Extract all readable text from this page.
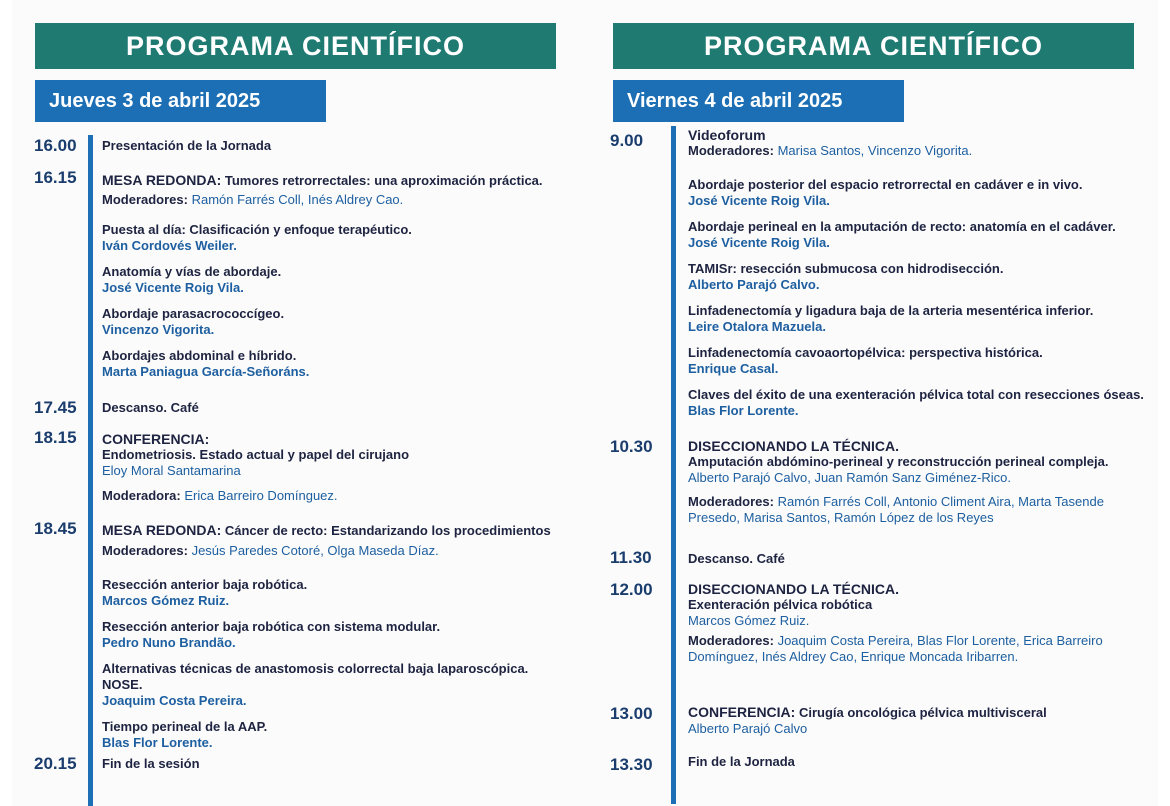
PROGRAMA CIENTÍFICO
Jueves 3 de abril 2025
16.00 Presentación de la Jornada
16.15 MESA REDONDA: Tumores retrorrectales: una aproximación práctica.
Moderadores: Ramón Farrés Coll, Inés Aldrey Cao.
Puesta al día: Clasificación y enfoque terapéutico.
Iván Cordovés Weiler.
Anatomía y vías de abordaje.
José Vicente Roig Vila.
Abordaje parasacrococcígeo.
Vincenzo Vigorita.
Abordajes abdominal e híbrido.
Marta Paniagua García-Señoráns.
17.45 Descanso. Café
18.15 CONFERENCIA:
Endometriosis. Estado actual y papel del cirujano
Eloy Moral Santamarina
Moderadora: Erica Barreiro Domínguez.
18.45 MESA REDONDA: Cáncer de recto: Estandarizando los procedimientos
Moderadores: Jesús Paredes Cotoré, Olga Maseda Díaz.
Resección anterior baja robótica.
Marcos Gómez Ruiz.
Resección anterior baja robótica con sistema modular.
Pedro Nuno Brandão.
Alternativas técnicas de anastomosis colorrectal baja laparoscópica. NOSE.
Joaquim Costa Pereira.
Tiempo perineal de la AAP.
Blas Flor Lorente.
20.15 Fin de la sesión
PROGRAMA CIENTÍFICO
Viernes 4 de abril 2025
9.00	Videoforum
Moderadores: Marisa Santos, Vincenzo Vigorita.
Abordaje posterior del espacio retrorrectal en cadáver e in vivo.
José Vicente Roig Vila.
Abordaje perineal en la amputación de recto: anatomía en el cadáver.
José Vicente Roig Vila.
TAMISr: resección submucosa con hidrodisección.
Alberto Parajó Calvo.
Linfadenectomía y ligadura baja de la arteria mesentérica inferior.
Leire Otalora Mazuela.
Linfadenectomía cavoaortopélvica: perspectiva histórica.
Enrique Casal.
Claves del éxito de una exenteración pélvica total con resecciones óseas.
Blas Flor Lorente.
10.30	DISECCIONANDO LA TÉCNICA.
Amputación abdómino-perineal y reconstrucción perineal compleja.
Alberto Parajó Calvo, Juan Ramón Sanz Giménez-Rico.
Moderadores: Ramón Farrés Coll, Antonio Climent Aira, Marta Tasende Presedo, Marisa Santos, Ramón López de los Reyes
11.30	Descanso. Café
12.00	DISECCIONANDO LA TÉCNICA.
Exenteración pélvica robótica
Marcos Gómez Ruiz.
Moderadores: Joaquim Costa Pereira, Blas Flor Lorente, Erica Barreiro Domínguez, Inés Aldrey Cao, Enrique Moncada Iribarren.
13.00	CONFERENCIA: Cirugía oncológica pélvica multivisceral
Alberto Parajó Calvo
13.30	Fin de la Jornada
